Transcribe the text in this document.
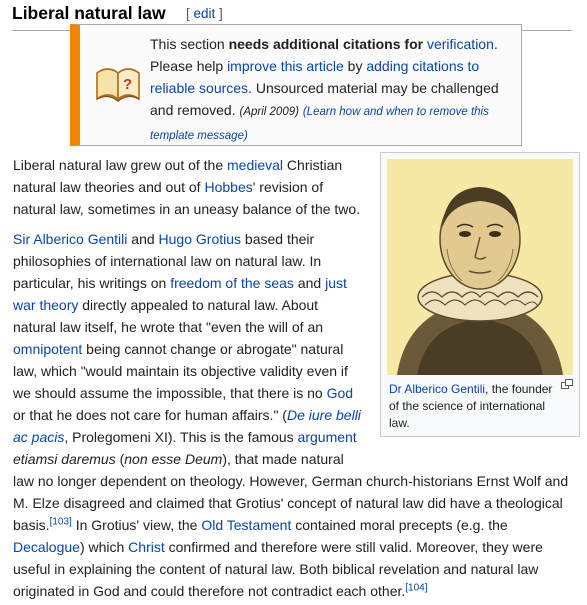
Liberal natural law [ edit ]
?
This section needs additional citations for verification.
Please help improve this article by adding citations to reliable sources. Unsourced material may be challenged and removed. (April 2009) (Learn how and when to remove this template message)
Liberal natural law grew out of the medieval Christian natural law theories and out of Hobbes' revision of natural law, sometimes in an uneasy balance of the two.
Sir Alberico Gentili and Hugo Grotius based their philosophies of international law on natural law. In particular, his writings on freedom of the seas and just war theory directly appealed to natural law. About natural law itself, he wrote that "even the will of an omnipotent being cannot change or abrogate" natural law, which "would maintain its objective validity even if we should assume the impossible, that there is no God or that he does not care for human affairs." (De iure belli ac pacis, Prolegomeni XI). This is the famous argument etiamsi daremus (non esse Deum), that made natural law no longer dependent on theology. However, German church-historians Ernst Wolf and M. Elze disagreed and claimed that Grotius' concept of natural law did have a theological basis.[103] In Grotius' view, the Old Testament contained moral precepts (e.g. the Decalogue) which Christ confirmed and therefore were still valid. Moreover, they were useful in explaining the content of natural law. Both biblical revelation and natural law originated in God and could therefore not contradict each other.[104]
Dr Alberico Gentili, the founder of the science of international law.
